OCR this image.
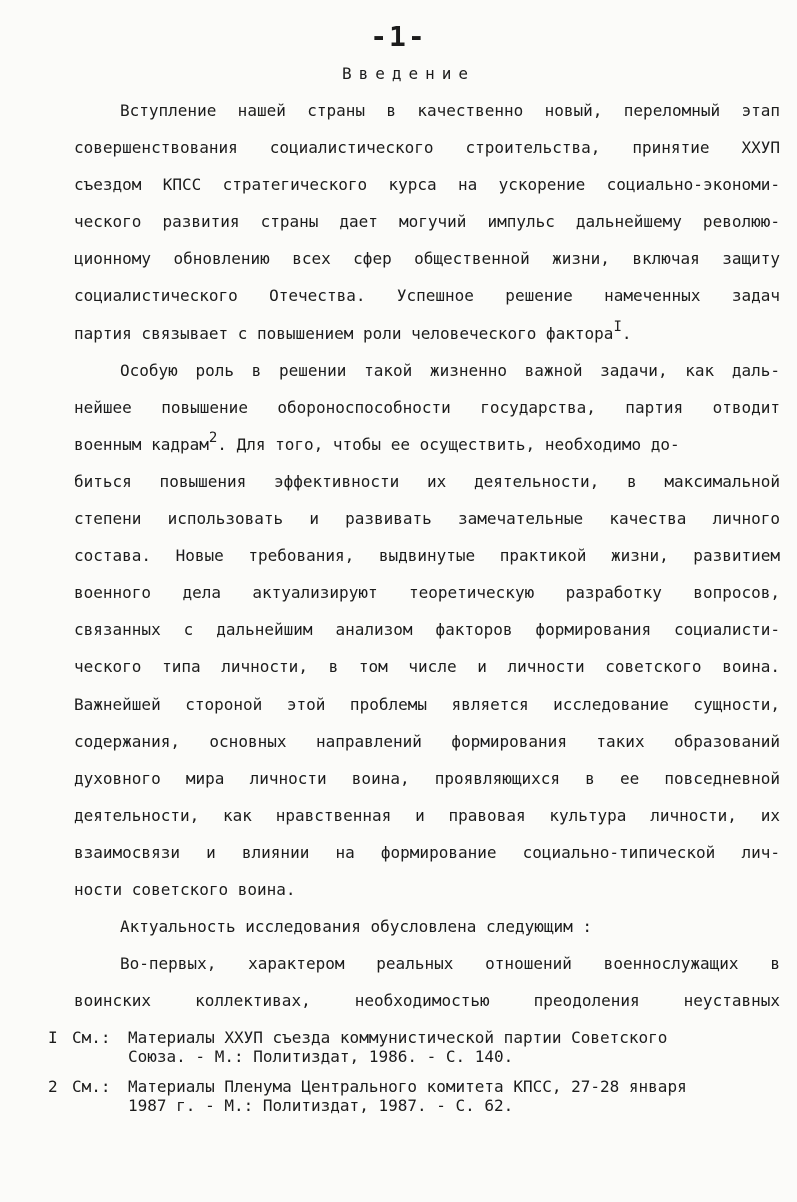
-1-
Введение
Вступление нашей страны в качественно новый, переломный этап
совершенствования социалистического строительства, принятие ХХУП
съездом КПСС стратегического курса на ускорение социально-экономи-
ческого развития страны дает могучий импульс дальнейшему революю-
ционному обновлению всех сфер общественной жизни, включая защиту
социалистического Отечества. Успешное решение намеченных задач
партия связывает с повышением роли человеческого фактора$^I$.
Особую роль в решении такой жизненно важной задачи, как даль-
нейшее повышение обороноспособности государства, партия отводит
военным кадрам$^2$. Для того, чтобы ее осуществить, необходимо до-
биться повышения эффективности их деятельности, в максимальной
степени использовать и развивать замечательные качества личного
состава. Новые требования, выдвинутые практикой жизни, развитием
военного дела актуализируют теоретическую разработку вопросов,
связанных с дальнейшим анализом факторов формирования социалисти-
ческого типа личности, в том числе и личности советского воина.
Важнейшей стороной этой проблемы является исследование сущности,
содержания, основных направлений формирования таких образований
духовного мира личности воина, проявляющихся в ее повседневной
деятельности, как нравственная и правовая культура личности, их
взаимосвязи и влиянии на формирование социально-типической лич-
ности советского воина.
Актуальность исследования обусловлена следующим :
Во-первых, характером реальных отношений военнослужащих в
воинских коллективах, необходимостью преодоления неуставных
I См.: Материалы ХХУП съезда коммунистической партии Советского
Союза. - М.: Политиздат, 1986. - С. 140.
2 См.: Материалы Пленума Центрального комитета КПСС, 27-28 января
1987 г. - М.: Политиздат, 1987. - С. 62.
